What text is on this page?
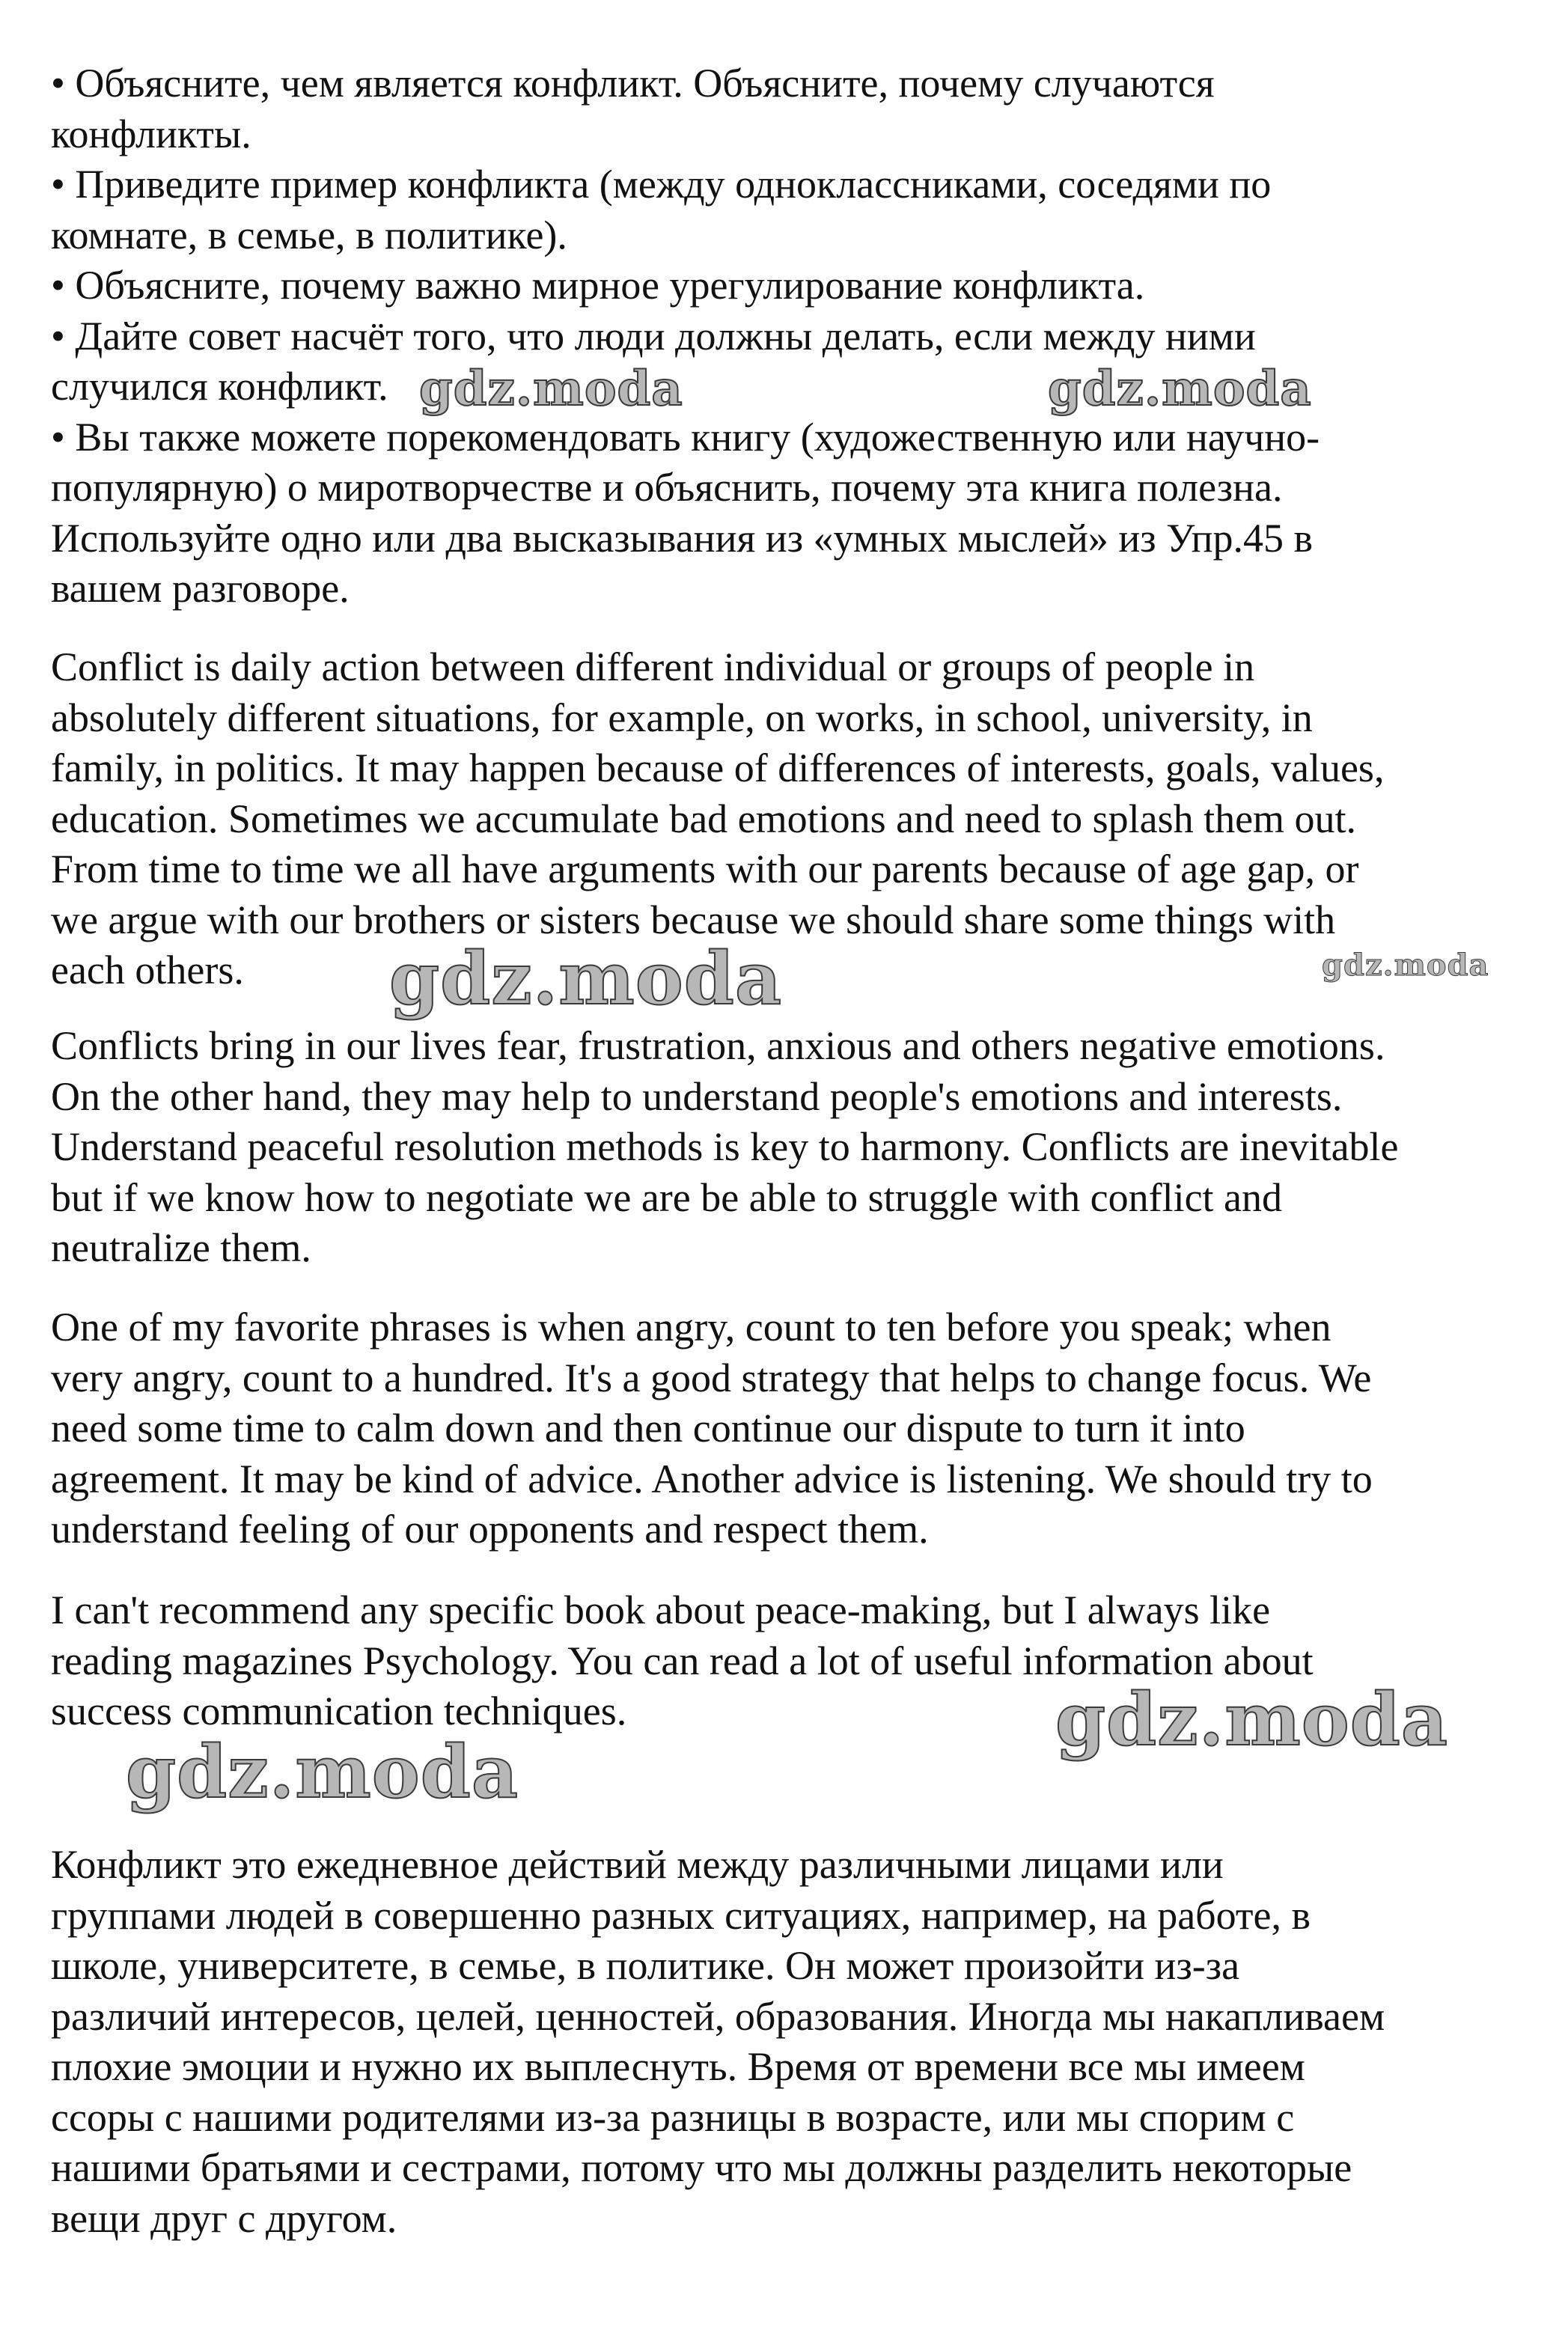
• Объясните, чем является конфликт. Объясните, почему случаются
конфликты.
• Приведите пример конфликта (между одноклассниками, соседями по
комнате, в семье, в политике).
• Объясните, почему важно мирное урегулирование конфликта.
• Дайте совет насчёт того, что люди должны делать, если между ними
случился конфликт.
• Вы также можете порекомендовать книгу (художественную или научно-
популярную) о миротворчестве и объяснить, почему эта книга полезна.
Используйте одно или два высказывания из «умных мыслей» из Упр.45 в
вашем разговоре.
Conflict is daily action between different individual or groups of people in
absolutely different situations, for example, on works, in school, university, in
family, in politics. It may happen because of differences of interests, goals, values,
education. Sometimes we accumulate bad emotions and need to splash them out.
From time to time we all have arguments with our parents because of age gap, or
we argue with our brothers or sisters because we should share some things with
each others.
Conflicts bring in our lives fear, frustration, anxious and others negative emotions.
On the other hand, they may help to understand people's emotions and interests.
Understand peaceful resolution methods is key to harmony. Conflicts are inevitable
but if we know how to negotiate we are be able to struggle with conflict and
neutralize them.
One of my favorite phrases is when angry, count to ten before you speak; when
very angry, count to a hundred. It's a good strategy that helps to change focus. We
need some time to calm down and then continue our dispute to turn it into
agreement. It may be kind of advice. Another advice is listening. We should try to
understand feeling of our opponents and respect them.
I can't recommend any specific book about peace-making, but I always like
reading magazines Psychology. You can read a lot of useful information about
success communication techniques.
Конфликт это ежедневное действий между различными лицами или
группами людей в совершенно разных ситуациях, например, на работе, в
школе, университете, в семье, в политике. Он может произойти из-за
различий интересов, целей, ценностей, образования. Иногда мы накапливаем
плохие эмоции и нужно их выплеснуть. Время от времени все мы имеем
ссоры с нашими родителями из-за разницы в возрасте, или мы спорим с
нашими братьями и сестрами, потому что мы должны разделить некоторые
вещи друг с другом.
gdz.moda	gdz.moda
gdz.moda	gdz.moda
gdz.moda
gdz.moda
